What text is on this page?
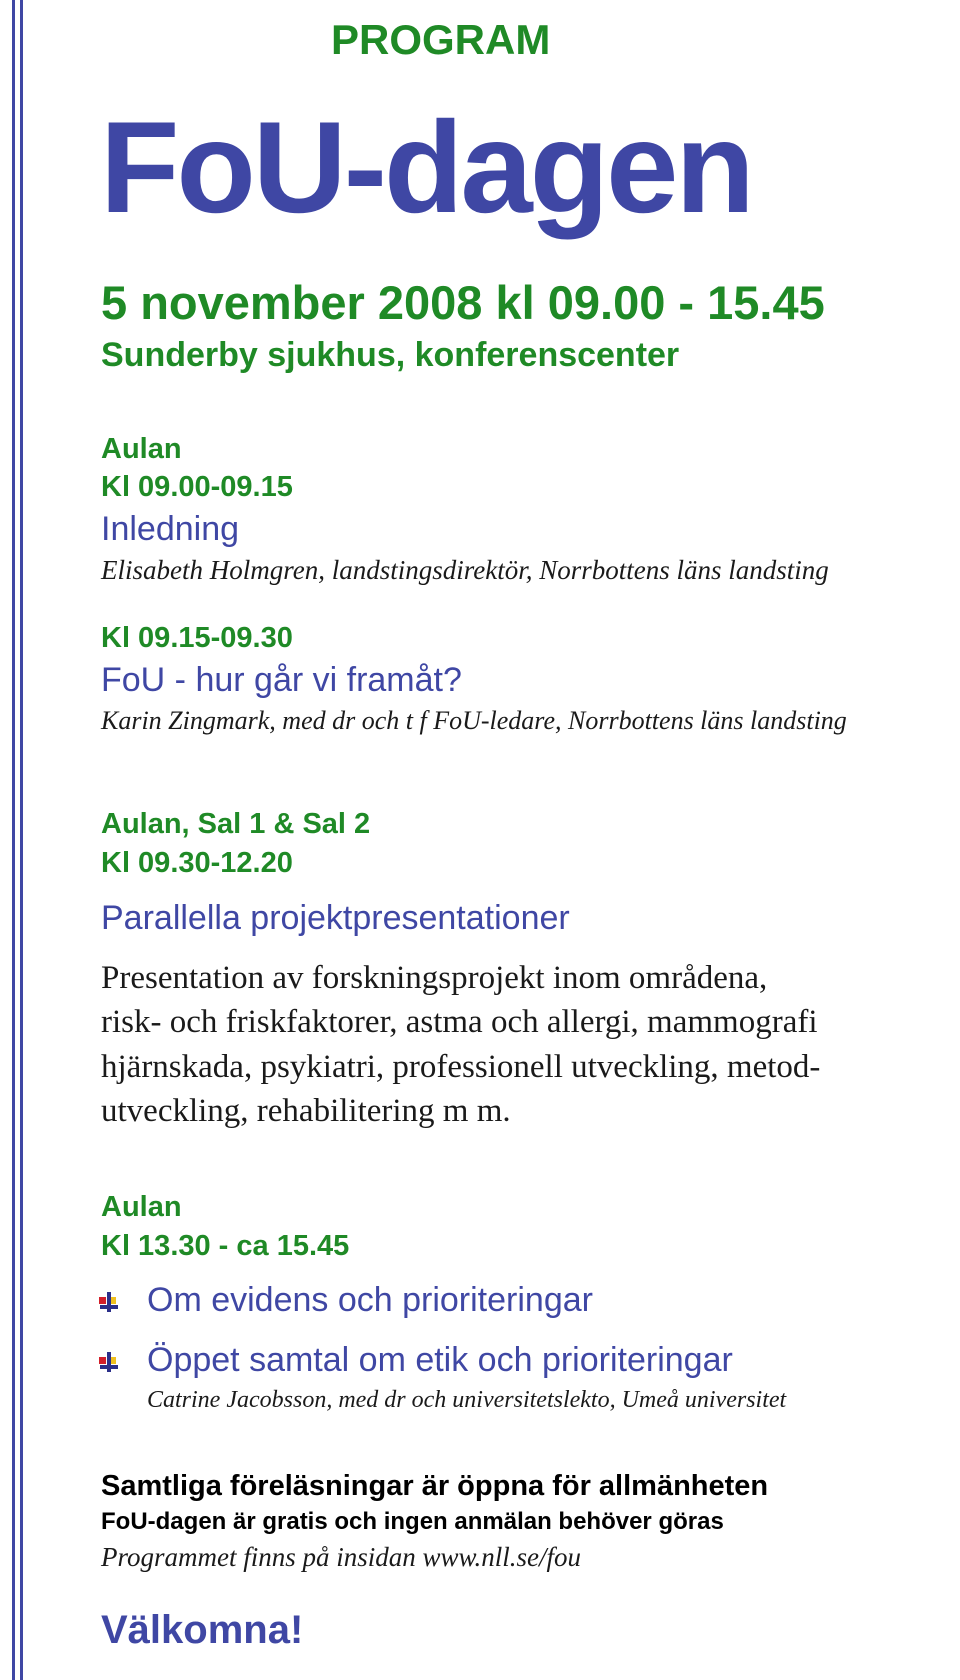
PROGRAM
FoU-dagen
5 november 2008 kl 09.00 - 15.45
Sunderby sjukhus, konferenscenter
Aulan
Kl 09.00-09.15
Inledning
Elisabeth Holmgren, landstingsdirektör, Norrbottens läns landsting
Kl 09.15-09.30
FoU - hur går vi framåt?
Karin Zingmark, med dr och t f FoU-ledare, Norrbottens läns landsting
Aulan, Sal 1 & Sal 2
Kl 09.30-12.20
Parallella projektpresentationer
Presentation av forskningsprojekt inom områdena,
risk- och friskfaktorer, astma och allergi, mammografi
hjärnskada, psykiatri, professionell utveckling, metod-
utveckling, rehabilitering m m.
Aulan
Kl 13.30 - ca 15.45
Om evidens och prioriteringar
Öppet samtal om etik och prioriteringar
Catrine Jacobsson, med dr och universitetslekto, Umeå universitet
Samtliga föreläsningar är öppna för allmänheten
FoU-dagen är gratis och ingen anmälan behöver göras
Programmet finns på insidan www.nll.se/fou
Välkomna!
